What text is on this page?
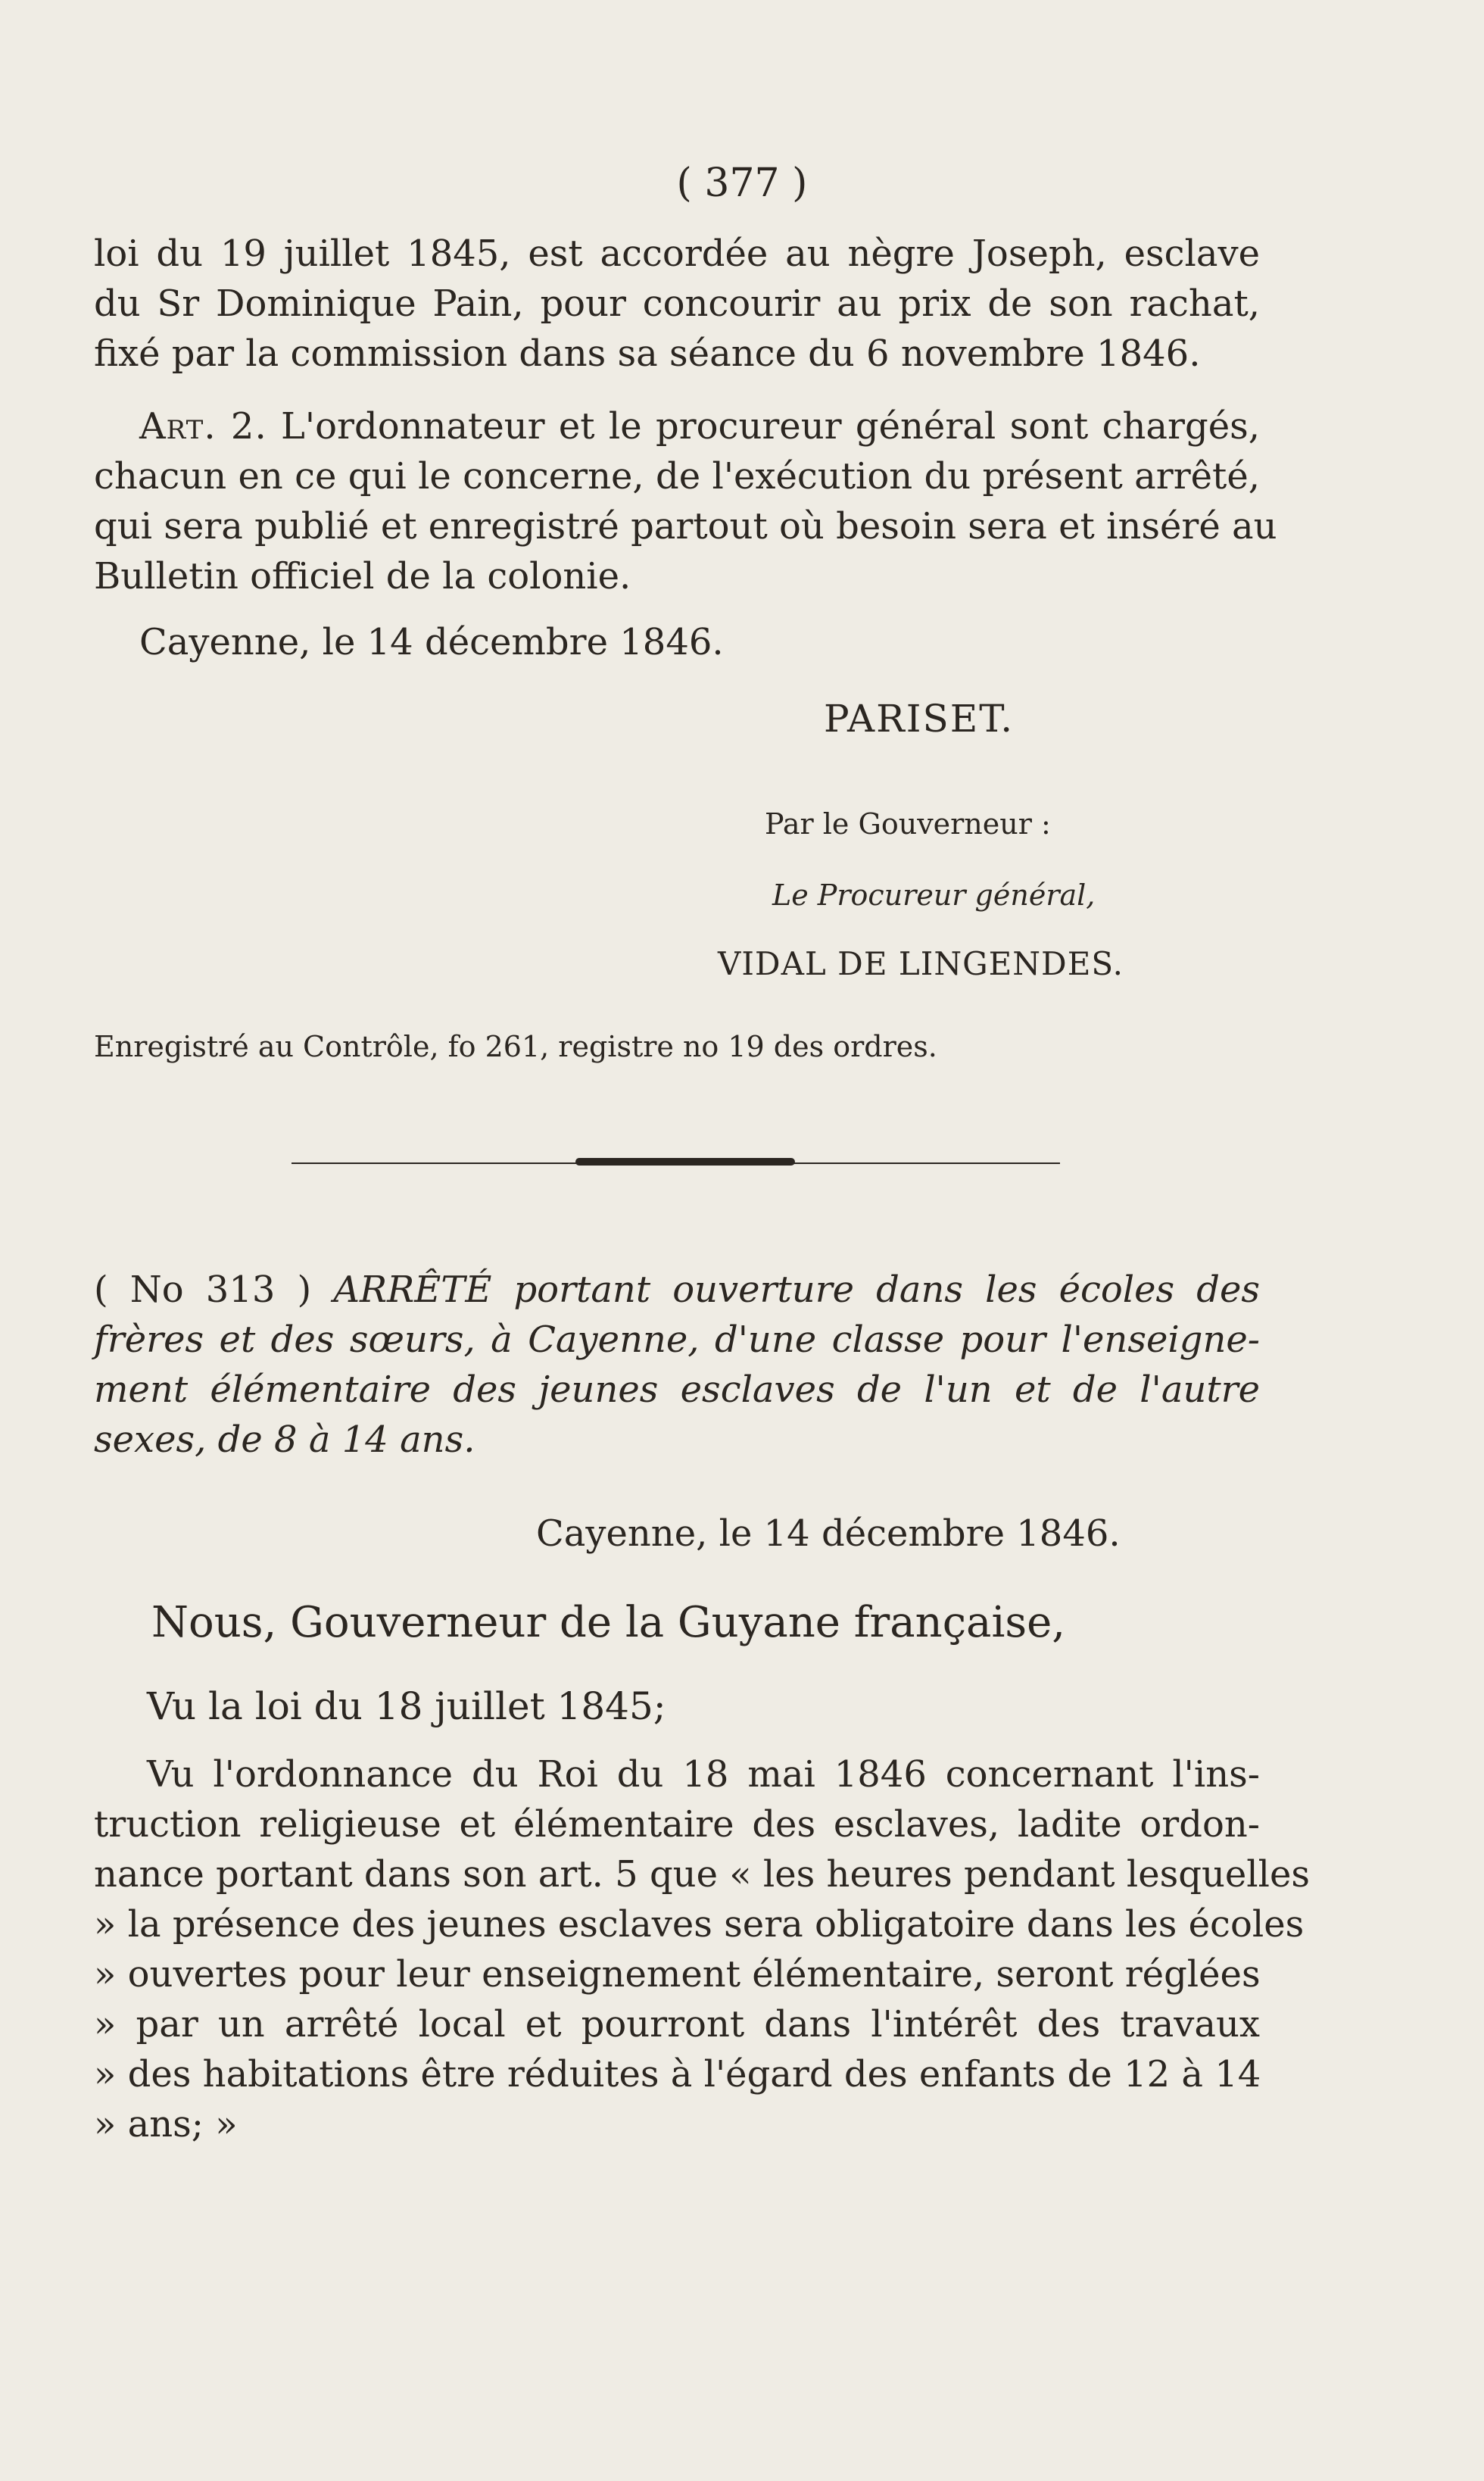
( 377 )
loi du 19 juillet 1845, est accordée au nègre Joseph, esclave
du Sr Dominique Pain, pour concourir au prix de son rachat,
fixé par la commission dans sa séance du 6 novembre 1846.
Art. 2. L'ordonnateur et le procureur général sont chargés,
chacun en ce qui le concerne, de l'exécution du présent arrêté,
qui sera publié et enregistré partout où besoin sera et inséré au
Bulletin officiel de la colonie.
Cayenne, le 14 décembre 1846.
PARISET.
Par le Gouverneur :
Le Procureur général,
VIDAL DE LINGENDES.
Enregistré au Contrôle, fo 261, registre no 19 des ordres.
( No 313 ) ARRÊTÉ portant ouverture dans les écoles des
frères et des sœurs, à Cayenne, d'une classe pour l'enseigne-
ment élémentaire des jeunes esclaves de l'un et de l'autre
sexes, de 8 à 14 ans.
Cayenne, le 14 décembre 1846.
Nous, Gouverneur de la Guyane française,
Vu la loi du 18 juillet 1845;
Vu l'ordonnance du Roi du 18 mai 1846 concernant l'ins-
truction religieuse et élémentaire des esclaves, ladite ordon-
nance portant dans son art. 5 que « les heures pendant lesquelles
» la présence des jeunes esclaves sera obligatoire dans les écoles
» ouvertes pour leur enseignement élémentaire, seront réglées
» par un arrêté local et pourront dans l'intérêt des travaux
» des habitations être réduites à l'égard des enfants de 12 à 14
» ans; »
